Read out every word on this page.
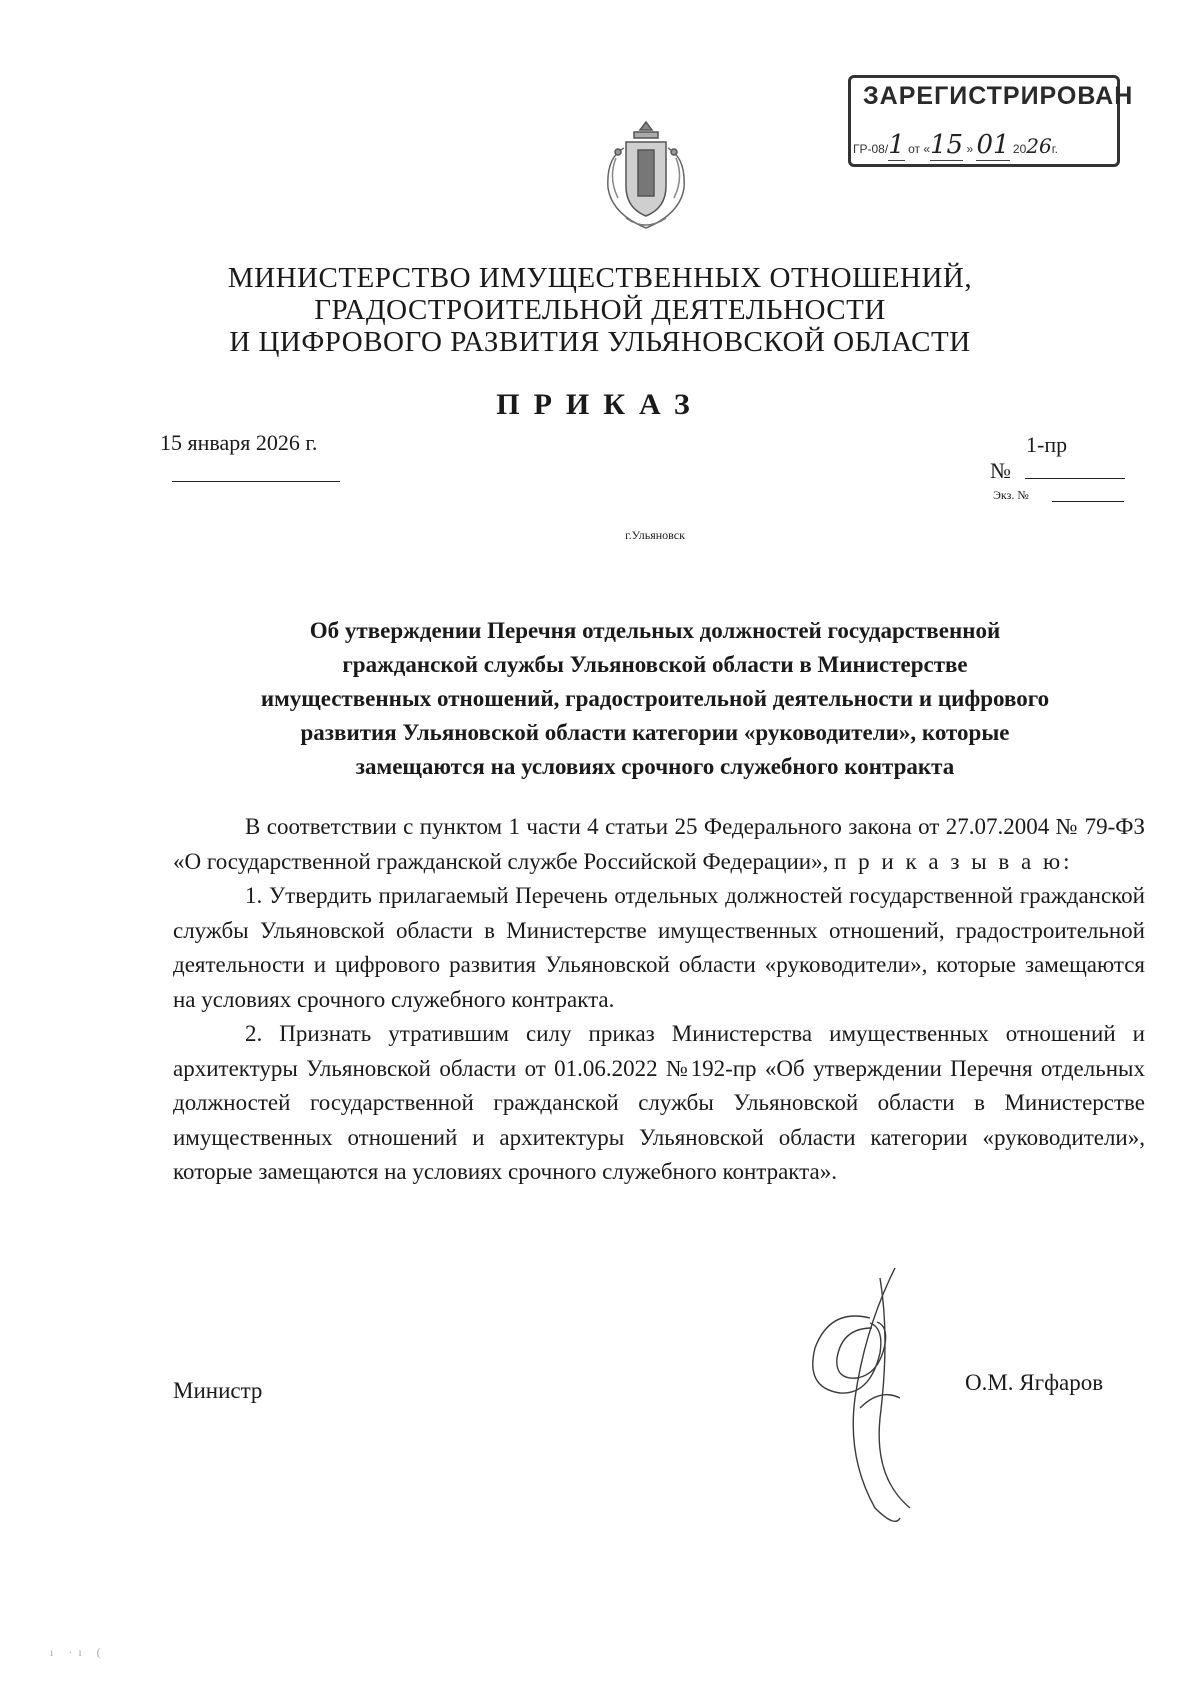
ЗАРЕГИСТРИРОВАН
ГР-08/1 от «15 » 01 2026г.
МИНИСТЕРСТВО ИМУЩЕСТВЕННЫХ ОТНОШЕНИЙ,
ГРАДОСТРОИТЕЛЬНОЙ ДЕЯТЕЛЬНОСТИ
И ЦИФРОВОГО РАЗВИТИЯ УЛЬЯНОВСКОЙ ОБЛАСТИ
ПРИКАЗ
15 января 2026 г.	1-пр
№
Экз. №
г.Ульяновск
Об утверждении Перечня отдельных должностей государственной
гражданской службы Ульяновской области в Министерстве
имущественных отношений, градостроительной деятельности и цифрового
развития Ульяновской области категории «руководители», которые
замещаются на условиях срочного служебного контракта

В соответствии с пунктом 1 части 4 статьи 25 Федерального закона от 27.07.2004 № 79-ФЗ «О государственной гражданской службе Российской Федерации», п р и к а з ы в а ю:

1. Утвердить прилагаемый Перечень отдельных должностей государственной гражданской службы Ульяновской области в Министерстве имущественных отношений, градостроительной деятельности и цифрового развития Ульяновской области «руководители», которые замещаются на условиях срочного служебного контракта.

2. Признать утратившим силу приказ Министерства имущественных отношений и архитектуры Ульяновской области от 01.06.2022 №192-пр «Об утверждении Перечня отдельных должностей государственной гражданской службы Ульяновской области в Министерстве имущественных отношений и архитектуры Ульяновской области категории «руководители», которые замещаются на условиях срочного служебного контракта».

Министр	О.М. Ягфаров
ı ·ı (
